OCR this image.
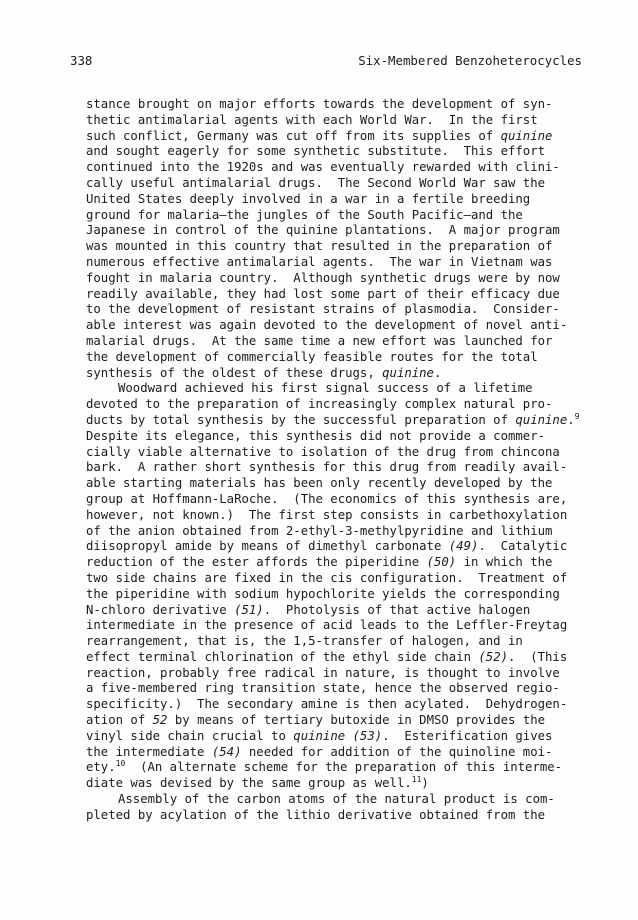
338	Six-Membered Benzoheterocycles
stance brought on major efforts towards the development of syn-
thetic antimalarial agents with each World War.  In the first
such conflict, Germany was cut off from its supplies of quinine
and sought eagerly for some synthetic substitute.  This effort
continued into the 1920s and was eventually rewarded with clini-
cally useful antimalarial drugs.  The Second World War saw the
United States deeply involved in a war in a fertile breeding
ground for malaria—the jungles of the South Pacific—and the
Japanese in control of the quinine plantations.  A major program
was mounted in this country that resulted in the preparation of
numerous effective antimalarial agents.  The war in Vietnam was
fought in malaria country.  Although synthetic drugs were by now
readily available, they had lost some part of their efficacy due
to the development of resistant strains of plasmodia.  Consider-
able interest was again devoted to the development of novel anti-
malarial drugs.  At the same time a new effort was launched for
the development of commercially feasible routes for the total
synthesis of the oldest of these drugs, quinine.
Woodward achieved his first signal success of a lifetime
devoted to the preparation of increasingly complex natural pro-
ducts by total synthesis by the successful preparation of quinine.$^9$
Despite its elegance, this synthesis did not provide a commer-
cially viable alternative to isolation of the drug from chincona
bark.  A rather short synthesis for this drug from readily avail-
able starting materials has been only recently developed by the
group at Hoffmann-LaRoche.  (The economics of this synthesis are,
however, not known.)  The first step consists in carbethoxylation
of the anion obtained from 2-ethyl-3-methylpyridine and lithium
diisopropyl amide by means of dimethyl carbonate (49).  Catalytic
reduction of the ester affords the piperidine (50) in which the
two side chains are fixed in the cis configuration.  Treatment of
the piperidine with sodium hypochlorite yields the corresponding
N-chloro derivative (51).  Photolysis of that active halogen
intermediate in the presence of acid leads to the Leffler-Freytag
rearrangement, that is, the 1,5-transfer of halogen, and in
effect terminal chlorination of the ethyl side chain (52).  (This
reaction, probably free radical in nature, is thought to involve
a five-membered ring transition state, hence the observed regio-
specificity.)  The secondary amine is then acylated.  Dehydrogen-
ation of 52 by means of tertiary butoxide in DMSO provides the
vinyl side chain crucial to quinine (53).  Esterification gives
the intermediate (54) needed for addition of the quinoline moi-
ety.$^{10}$  (An alternate scheme for the preparation of this interme-
diate was devised by the same group as well.$^{11}$)
Assembly of the carbon atoms of the natural product is com-
pleted by acylation of the lithio derivative obtained from the
